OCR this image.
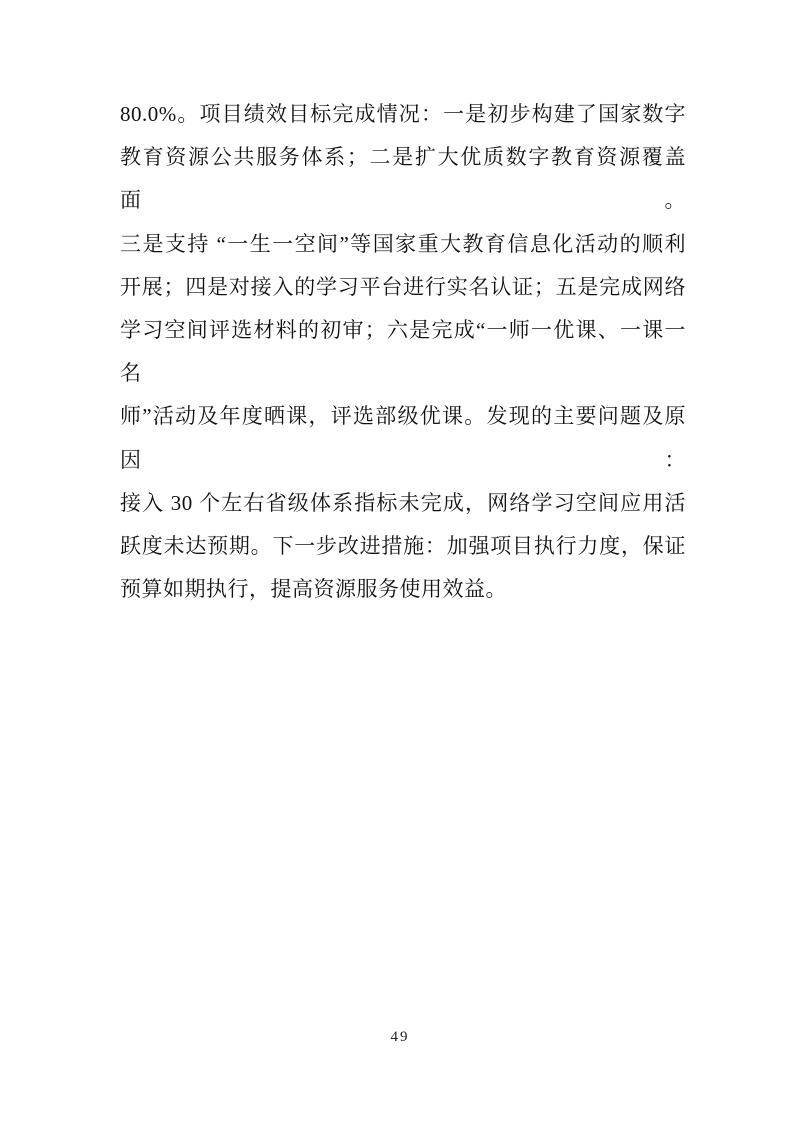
80.0%。项目绩效目标完成情况：一是初步构建了国家数字
教育资源公共服务体系；二是扩大优质数字教育资源覆盖面。
三是支持 “一生一空间”等国家重大教育信息化活动的顺利
开展；四是对接入的学习平台进行实名认证；五是完成网络
学习空间评选材料的初审；六是完成“一师一优课、一课一名
师”活动及年度晒课，评选部级优课。发现的主要问题及原因：
接入 30 个左右省级体系指标未完成，网络学习空间应用活
跃度未达预期。下一步改进措施：加强项目执行力度，保证
预算如期执行，提高资源服务使用效益。
49
